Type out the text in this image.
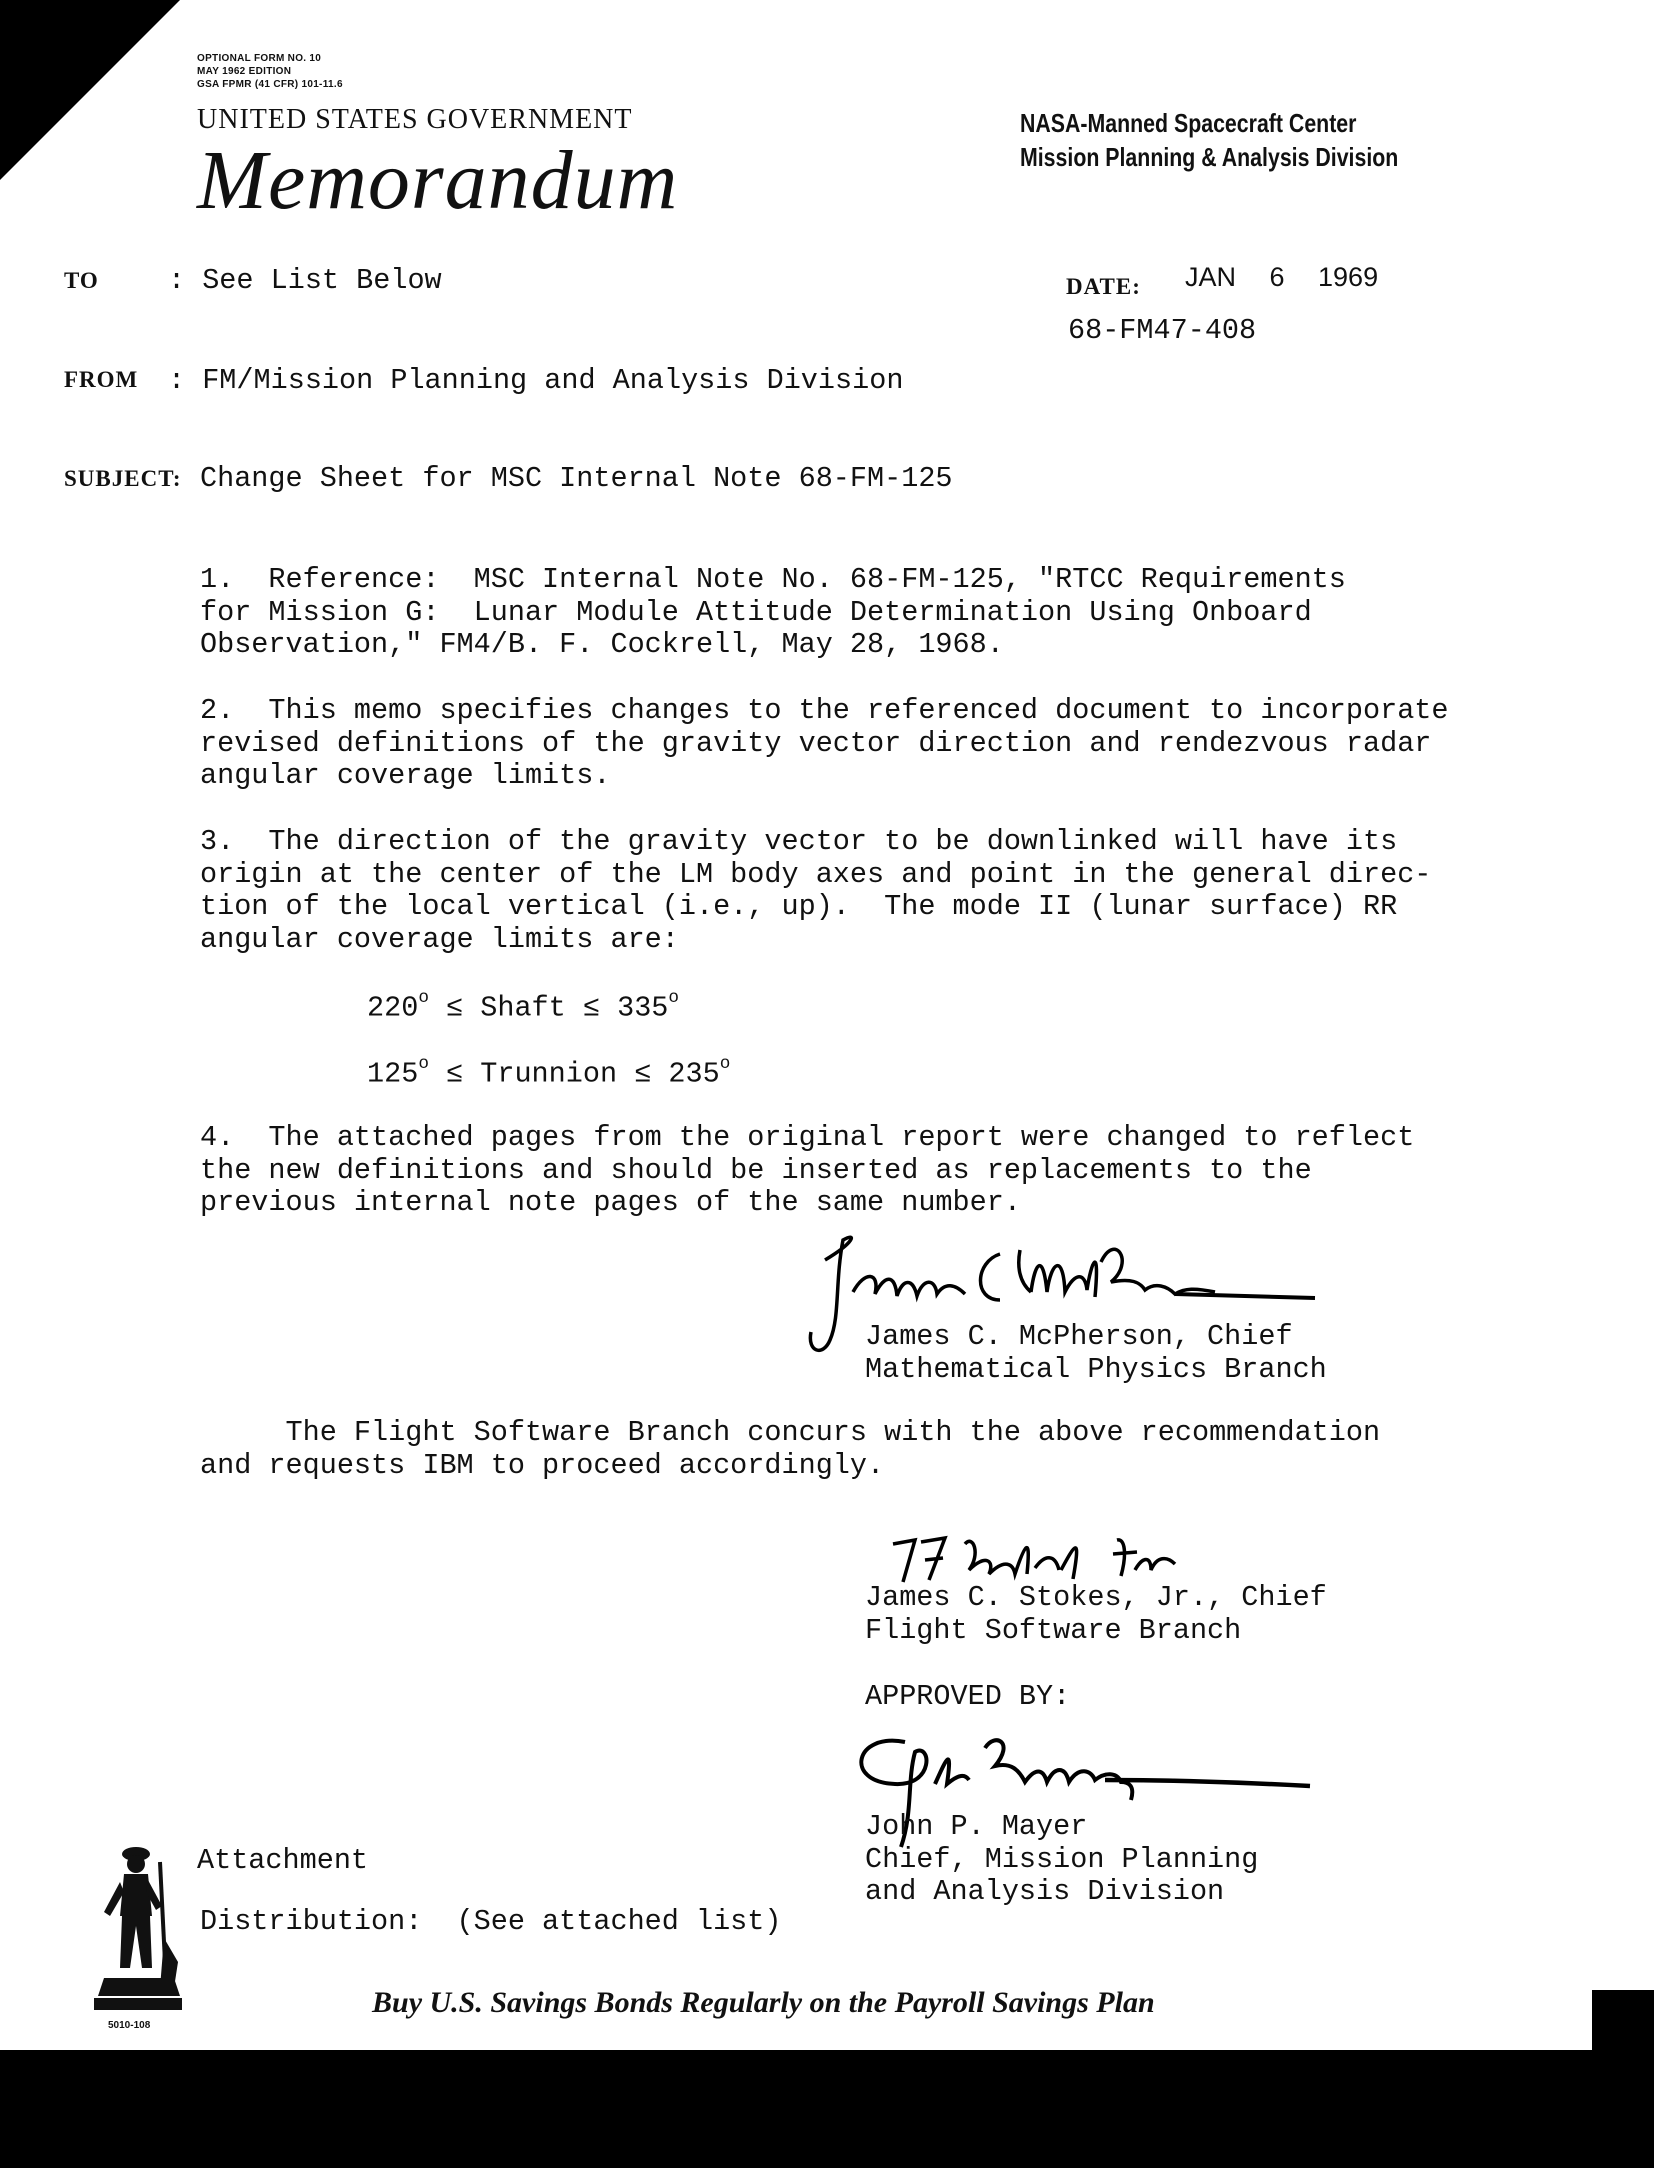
OPTIONAL FORM NO. 10
MAY 1962 EDITION
GSA FPMR (41 CFR) 101-11.6
UNITED STATES GOVERNMENT
Memorandum
NASA-Manned Spacecraft Center
Mission Planning & Analysis Division
TO : See List Below	DATE: JAN 6 1969
68-FM47-408
FROM : FM/Mission Planning and Analysis Division
SUBJECT: Change Sheet for MSC Internal Note 68-FM-125
1.  Reference:  MSC Internal Note No. 68-FM-125, "RTCC Requirements
for Mission G:  Lunar Module Attitude Determination Using Onboard
Observation," FM4/B. F. Cockrell, May 28, 1968.
2.  This memo specifies changes to the referenced document to incorporate
revised definitions of the gravity vector direction and rendezvous radar
angular coverage limits.
3.  The direction of the gravity vector to be downlinked will have its
origin at the center of the LM body axes and point in the general direc-
tion of the local vertical (i.e., up).  The mode II (lunar surface) RR
angular coverage limits are:
$220^o$ ≤ Shaft ≤ $335^o$
$125^o$ ≤ Trunnion ≤ $235^o$
4.  The attached pages from the original report were changed to reflect
the new definitions and should be inserted as replacements to the
previous internal note pages of the same number.
James C. McPherson, Chief
Mathematical Physics Branch
The Flight Software Branch concurs with the above recommendation
and requests IBM to proceed accordingly.
James C. Stokes, Jr., Chief
Flight Software Branch
APPROVED BY:
John P. Mayer
Chief, Mission Planning
and Analysis Division
Attachment
Distribution:  (See attached list)
Buy U.S. Savings Bonds Regularly on the Payroll Savings Plan
5010-108
